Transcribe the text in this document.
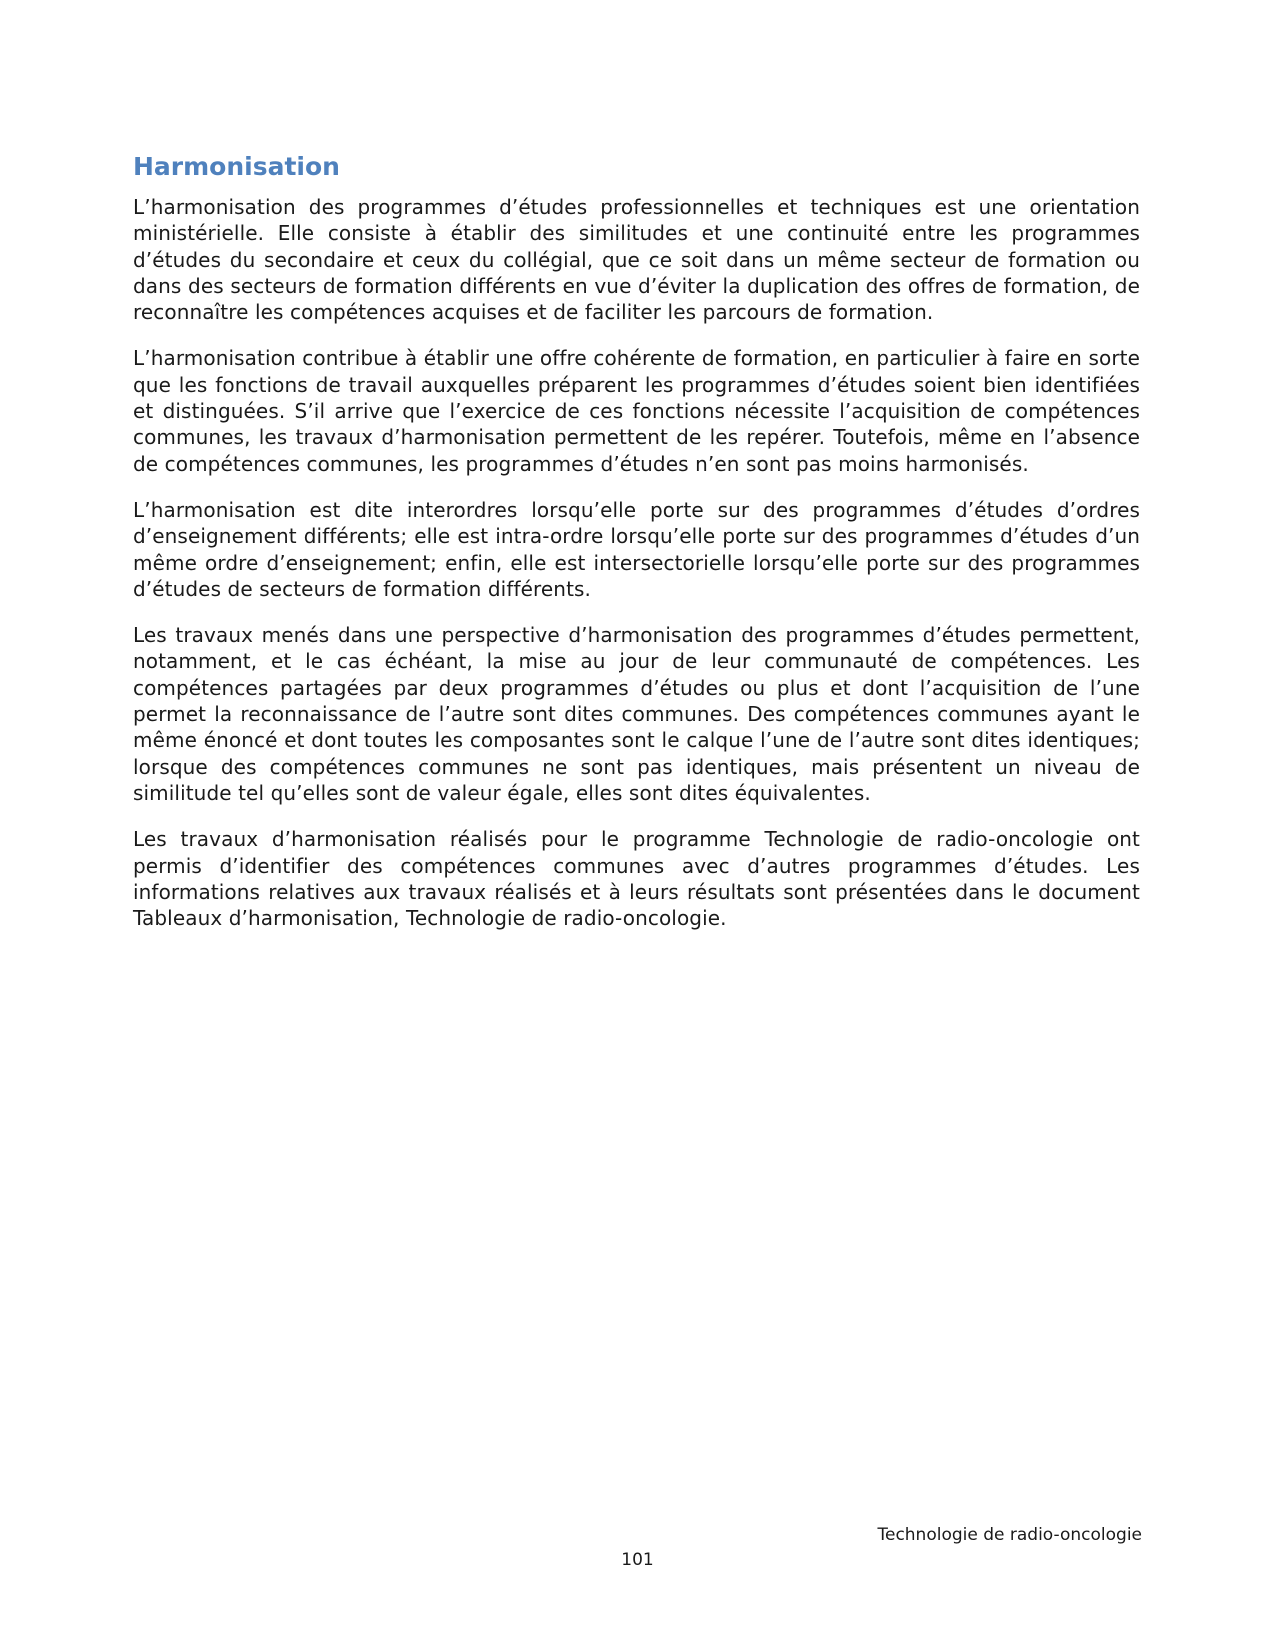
Harmonisation

L’harmonisation des programmes d’études professionnelles et techniques est une orientation ministérielle. Elle consiste à établir des similitudes et une continuité entre les programmes d’études du secondaire et ceux du collégial, que ce soit dans un même secteur de formation ou dans des secteurs de formation différents en vue d’éviter la duplication des offres de formation, de reconnaître les compétences acquises et de faciliter les parcours de formation.

L’harmonisation contribue à établir une offre cohérente de formation, en particulier à faire en sorte que les fonctions de travail auxquelles préparent les programmes d’études soient bien identifiées et distinguées. S’il arrive que l’exercice de ces fonctions nécessite l’acquisition de compétences communes, les travaux d’harmonisation permettent de les repérer. Toutefois, même en l’absence de compétences communes, les programmes d’études n’en sont pas moins harmonisés.

L’harmonisation est dite interordres lorsqu’elle porte sur des programmes d’études d’ordres d’enseignement différents; elle est intra-ordre lorsqu’elle porte sur des programmes d’études d’un même ordre d’enseignement; enfin, elle est intersectorielle lorsqu’elle porte sur des programmes d’études de secteurs de formation différents.

Les travaux menés dans une perspective d’harmonisation des programmes d’études permettent, notamment, et le cas échéant, la mise au jour de leur communauté de compétences. Les compétences partagées par deux programmes d’études ou plus et dont l’acquisition de l’une permet la reconnaissance de l’autre sont dites communes. Des compétences communes ayant le même énoncé et dont toutes les composantes sont le calque l’une de l’autre sont dites identiques; lorsque des compétences communes ne sont pas identiques, mais présentent un niveau de similitude tel qu’elles sont de valeur égale, elles sont dites équivalentes.

Les travaux d’harmonisation réalisés pour le programme Technologie de radio-oncologie ont permis d’identifier des compétences communes avec d’autres programmes d’études. Les informations relatives aux travaux réalisés et à leurs résultats sont présentées dans le document Tableaux d’harmonisation, Technologie de radio-oncologie.

Technologie de radio-oncologie
101
